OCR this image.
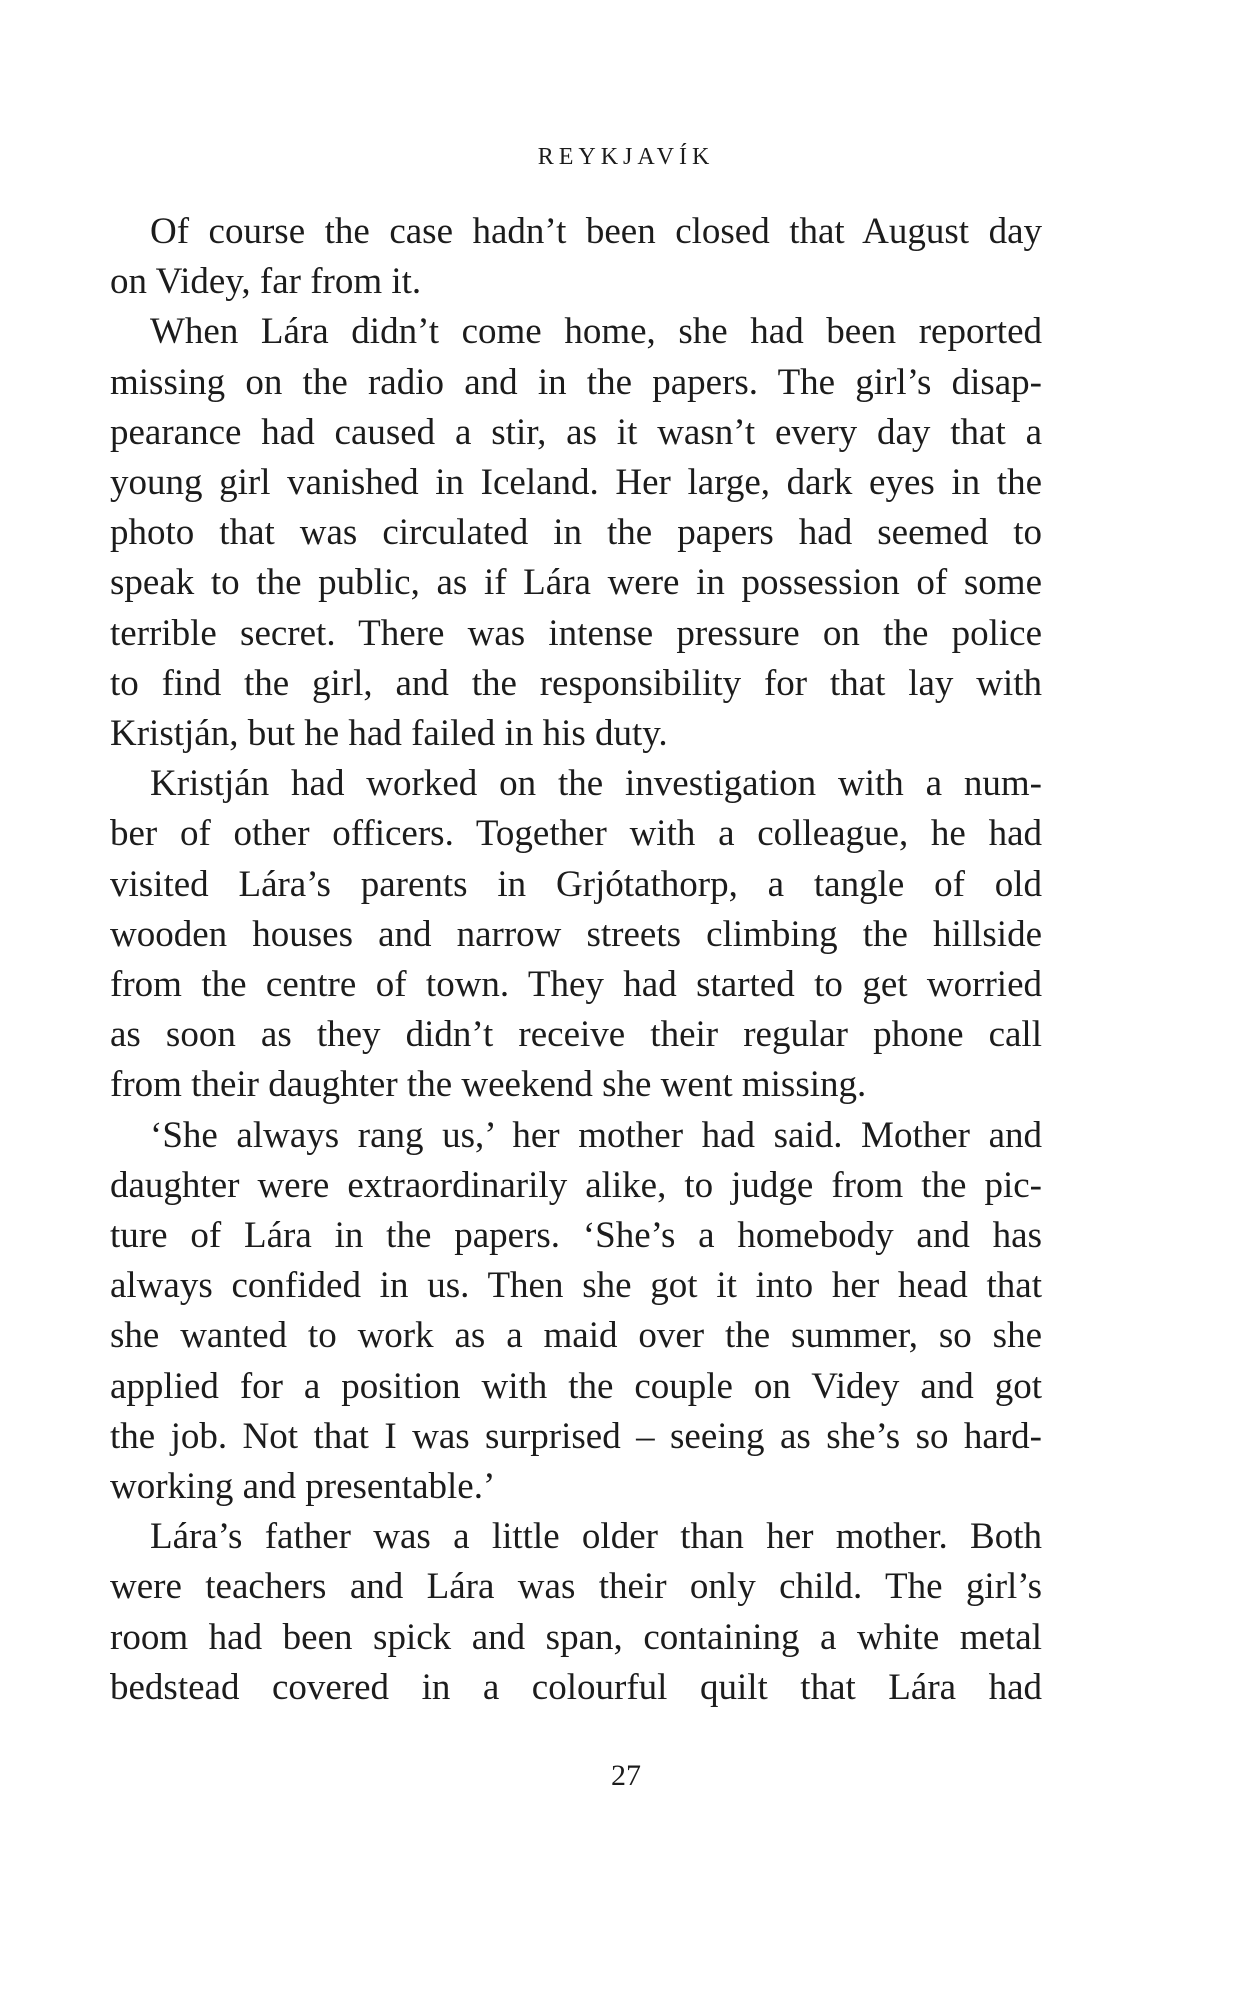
REYKJAVÍK
Of course the case hadn’t been closed that August day
on Videy, far from it.
When Lára didn’t come home, she had been reported
missing on the radio and in the papers. The girl’s disap-
pearance had caused a stir, as it wasn’t every day that a
young girl vanished in Iceland. Her large, dark eyes in the
photo that was circulated in the papers had seemed to
speak to the public, as if Lára were in possession of some
terrible secret. There was intense pressure on the police
to find the girl, and the responsibility for that lay with
Kristján, but he had failed in his duty.
Kristján had worked on the investigation with a num-
ber of other officers. Together with a colleague, he had
visited Lára’s parents in Grjótathorp, a tangle of old
wooden houses and narrow streets climbing the hillside
from the centre of town. They had started to get worried
as soon as they didn’t receive their regular phone call
from their daughter the weekend she went missing.
‘She always rang us,’ her mother had said. Mother and
daughter were extraordinarily alike, to judge from the pic-
ture of Lára in the papers. ‘She’s a homebody and has
always confided in us. Then she got it into her head that
she wanted to work as a maid over the summer, so she
applied for a position with the couple on Videy and got
the job. Not that I was surprised – seeing as she’s so hard-
working and presentable.’
Lára’s father was a little older than her mother. Both
were teachers and Lára was their only child. The girl’s
room had been spick and span, containing a white metal
bedstead covered in a colourful quilt that Lára had
27
